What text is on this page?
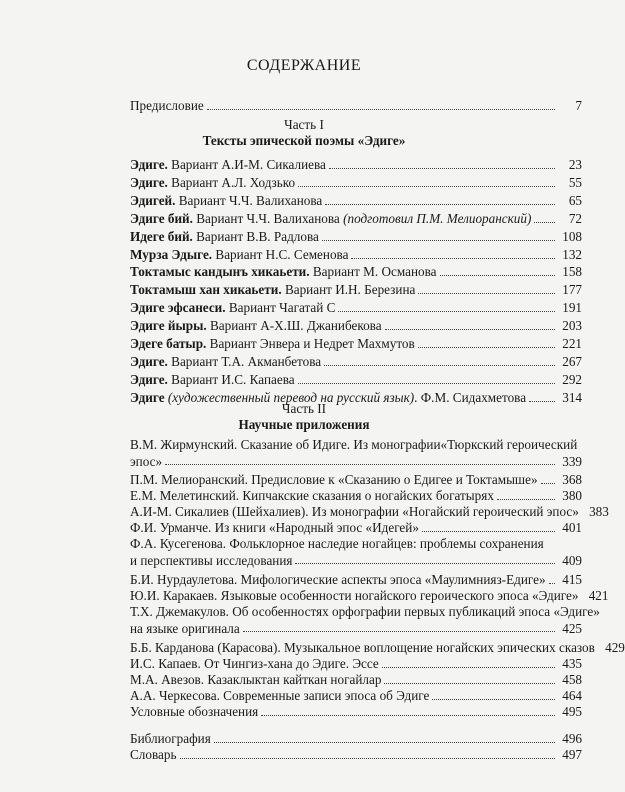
СОДЕРЖАНИЕ
Предисловие	7
Часть I
Тексты эпической поэмы «Эдиге»
Эдиге. Вариант А.И-М. Сикалиева	23
Эдиге. Вариант А.Л. Ходзько	55
Эдигей. Вариант Ч.Ч. Валиханова	65
Эдиге бий. Вариант Ч.Ч. Валиханова (подготовил П.М. Мелиоранский)	72
Идеге бий. Вариант В.В. Радлова	108
Мурза Эдыге. Вариант Н.С. Семенова	132
Токтамыс кандынъ хикаьети. Вариант М. Османова	158
Токтамыш хан хикаьети. Вариант И.Н. Березина	177
Эдиге эфсанеси. Вариант Чагатай С	191
Эдиге йыры. Вариант А-Х.Ш. Джанибекова	203
Эдеге батыр. Вариант Энвера и Недрет Махмутов	221
Эдиге. Вариант Т.А. Акманбетова	267
Эдиге. Вариант И.С. Капаева	292
Эдиге (художественный перевод на русский язык). Ф.М. Сидахметова	314
Часть II
Научные приложения
В.М. Жирмунский. Сказание об Идиге. Из монографии«Тюркский героический
эпос»	339
П.М. Мелиоранский. Предисловие к «Сказанию о Едигее и Токтамыше»	368
Е.М. Мелетинский. Кипчакские сказания о ногайских богатырях	380
А.И-М. Сикалиев (Шейхалиев). Из монографии «Ногайский героический эпос» 383
Ф.И. Урманче. Из книги «Народный эпос «Идегей»	401
Ф.А. Кусегенова. Фольклорное наследие ногайцев: проблемы сохранения
и перспективы исследования	409
Б.И. Нурдаулетова. Мифологические аспекты эпоса «Маулимнияз-Едиге»	415
Ю.И. Каракаев. Языковые особенности ногайского героического эпоса «Эдиге» 421
Т.Х. Джемакулов. Об особенностях орфографии первых публикаций эпоса «Эдиге»
на языке оригинала	425
Б.Б. Карданова (Карасова). Музыкальное воплощение ногайских эпических сказов 429
И.С. Капаев. От Чингиз-хана до Эдиге. Эссе	435
М.А. Авезов. Казаклыктан кайткан ногайлар	458
А.А. Черкесова. Современные записи эпоса об Эдиге	464
Условные обозначения	495
Библиография	496
Словарь	497
